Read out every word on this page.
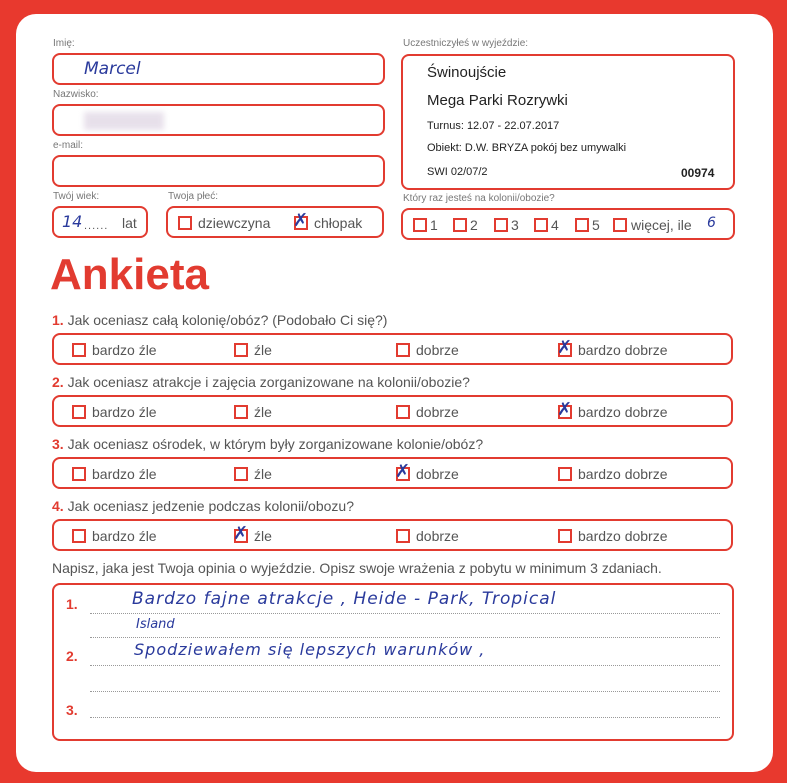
Imię:
Marcel
Nazwisko:
e-mail:
Twój wiek:
14 ...... lat
Twoja płeć:
dziewczyna ✗ chłopak
Uczestniczyłeś w wyjeździe:
Świnoujście
Mega Parki Rozrywki
Turnus: 12.07 - 22.07.2017
Obiekt: D.W. BRYZA pokój bez umywalki
SWI 02/07/2	00974
Który raz jesteś na kolonii/obozie?
1 2 3 4 5 więcej, ile 6
Ankieta
1. Jak oceniasz całą kolonię/obóz? (Podobało Ci się?)
bardzo źle	źle	dobrze	✗ bardzo dobrze
2. Jak oceniasz atrakcje i zajęcia zorganizowane na kolonii/obozie?
bardzo źle	źle	dobrze	✗ bardzo dobrze
3. Jak oceniasz ośrodek, w którym były zorganizowane kolonie/obóz?
bardzo źle	źle	✗ dobrze	bardzo dobrze
4. Jak oceniasz jedzenie podczas kolonii/obozu?
bardzo źle	✗ źle	dobrze	bardzo dobrze
Napisz, jaka jest Twoja opinia o wyjeździe. Opisz swoje wrażenia z pobytu w minimum 3 zdaniach.
1.
2.
3.
Bardzo fajne atrakcje , Heide - Park, Tropical
Island
Spodziewałem się lepszych warunków ,
